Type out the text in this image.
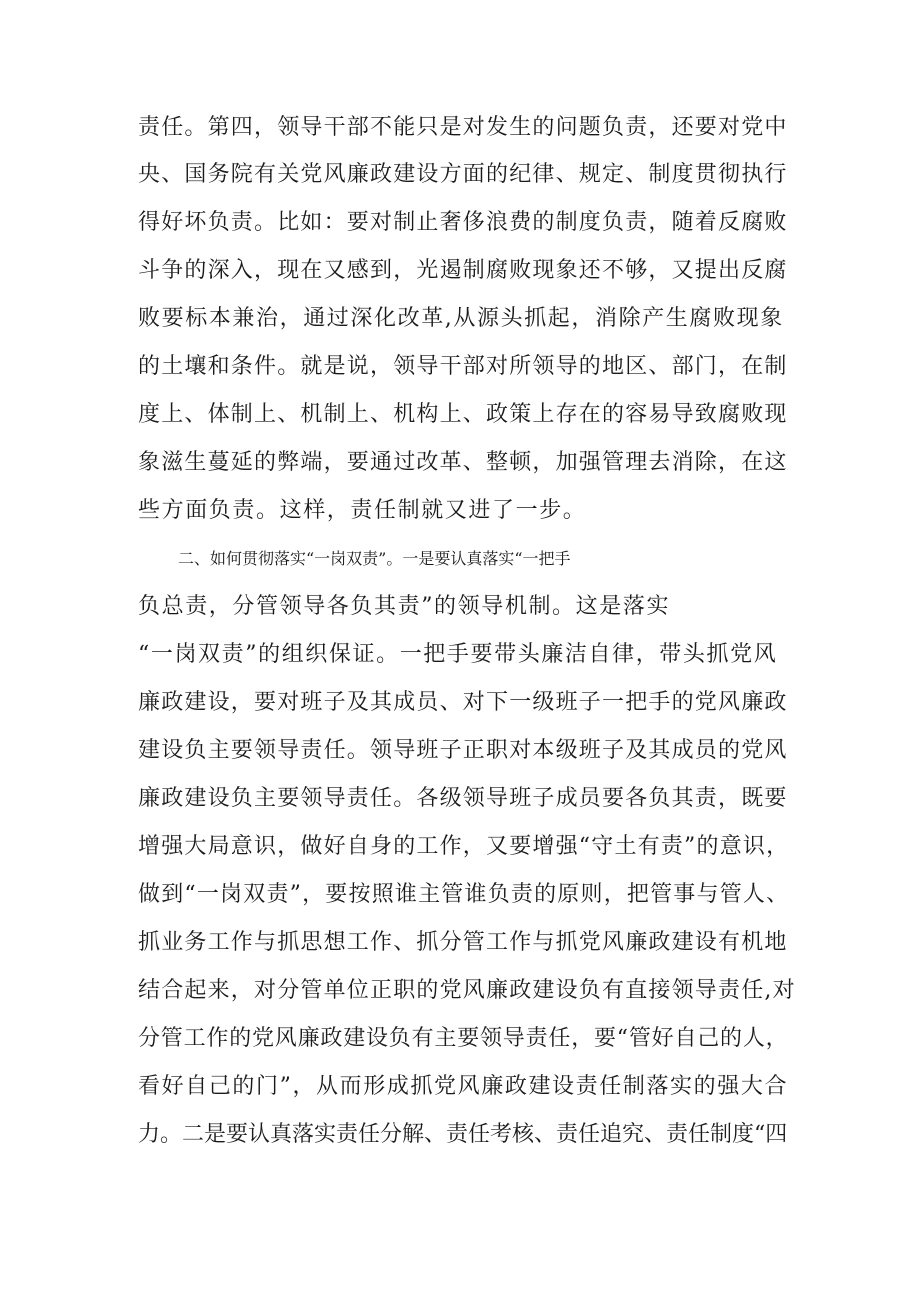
责任。第四，领导干部不能只是对发生的问题负责，还要对党中
央、国务院有关党风廉政建设方面的纪律、规定、制度贯彻执行
得好坏负责。比如：要对制止奢侈浪费的制度负责，随着反腐败
斗争的深入，现在又感到，光遏制腐败现象还不够，又提出反腐
败要标本兼治，通过深化改革,从源头抓起，消除产生腐败现象
的土壤和条件。就是说，领导干部对所领导的地区、部门，在制
度上、体制上、机制上、机构上、政策上存在的容易导致腐败现
象滋生蔓延的弊端，要通过改革、整顿，加强管理去消除，在这
些方面负责。这样，责任制就又进了一步。
二、如何贯彻落实“一岗双责”。一是要认真落实“一把手
负总责，分管领导各负其责”的领导机制。这是落实
“一岗双责”的组织保证。一把手要带头廉洁自律，带头抓党风
廉政建设，要对班子及其成员、对下一级班子一把手的党风廉政
建设负主要领导责任。领导班子正职对本级班子及其成员的党风
廉政建设负主要领导责任。各级领导班子成员要各负其责，既要
增强大局意识，做好自身的工作，又要增强“守土有责”的意识，
做到“一岗双责”，要按照谁主管谁负责的原则，把管事与管人、
抓业务工作与抓思想工作、抓分管工作与抓党风廉政建设有机地
结合起来，对分管单位正职的党风廉政建设负有直接领导责任,对
分管工作的党风廉政建设负有主要领导责任，要“管好自己的人，
看好自己的门”，从而形成抓党风廉政建设责任制落实的强大合
力。二是要认真落实责任分解、责任考核、责任追究、责任制度“四
